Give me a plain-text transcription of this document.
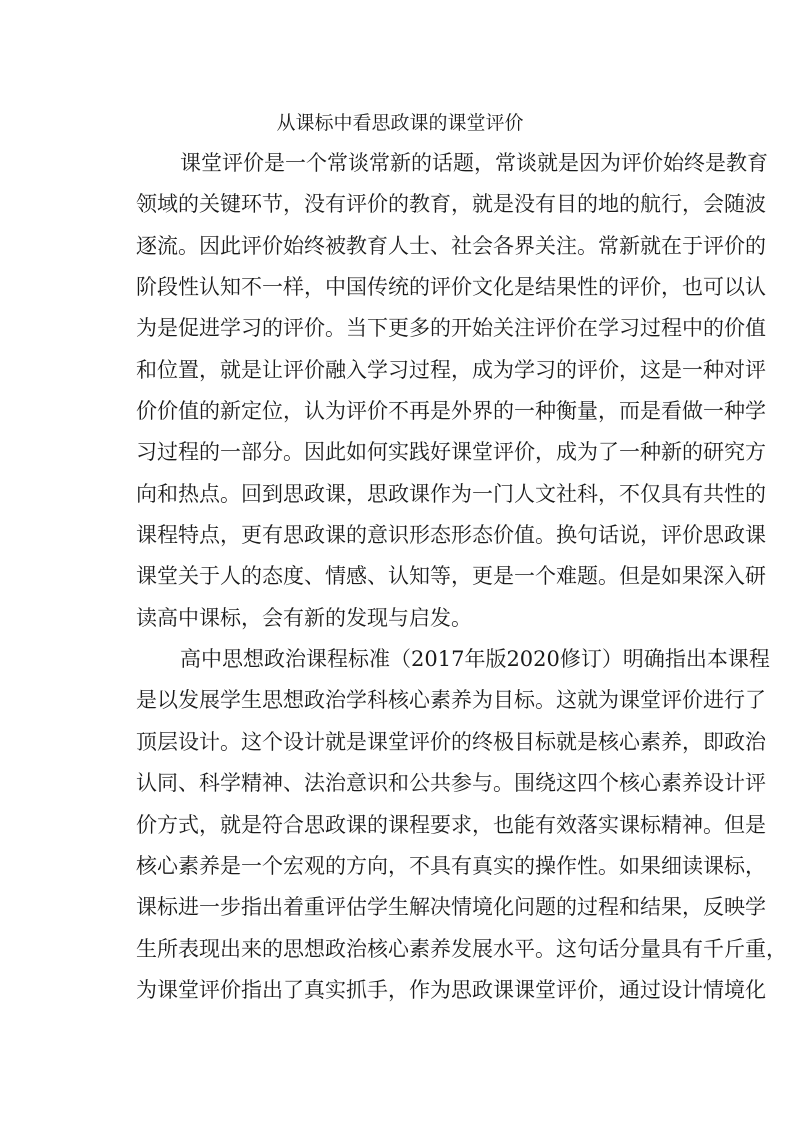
从课标中看思政课的课堂评价
课堂评价是一个常谈常新的话题，常谈就是因为评价始终是教育
领域的关键环节，没有评价的教育，就是没有目的地的航行，会随波
逐流。因此评价始终被教育人士、社会各界关注。常新就在于评价的
阶段性认知不一样，中国传统的评价文化是结果性的评价，也可以认
为是促进学习的评价。当下更多的开始关注评价在学习过程中的价值
和位置，就是让评价融入学习过程，成为学习的评价，这是一种对评
价价值的新定位，认为评价不再是外界的一种衡量，而是看做一种学
习过程的一部分。因此如何实践好课堂评价，成为了一种新的研究方
向和热点。回到思政课，思政课作为一门人文社科，不仅具有共性的
课程特点，更有思政课的意识形态形态价值。换句话说，评价思政课
课堂关于人的态度、情感、认知等，更是一个难题。但是如果深入研
读高中课标，会有新的发现与启发。
高中思想政治课程标准（2017年版2020修订）明确指出本课程
是以发展学生思想政治学科核心素养为目标。这就为课堂评价进行了
顶层设计。这个设计就是课堂评价的终极目标就是核心素养，即政治
认同、科学精神、法治意识和公共参与。围绕这四个核心素养设计评
价方式，就是符合思政课的课程要求，也能有效落实课标精神。但是
核心素养是一个宏观的方向，不具有真实的操作性。如果细读课标，
课标进一步指出着重评估学生解决情境化问题的过程和结果，反映学
生所表现出来的思想政治核心素养发展水平。这句话分量具有千斤重，
为课堂评价指出了真实抓手，作为思政课课堂评价，通过设计情境化
